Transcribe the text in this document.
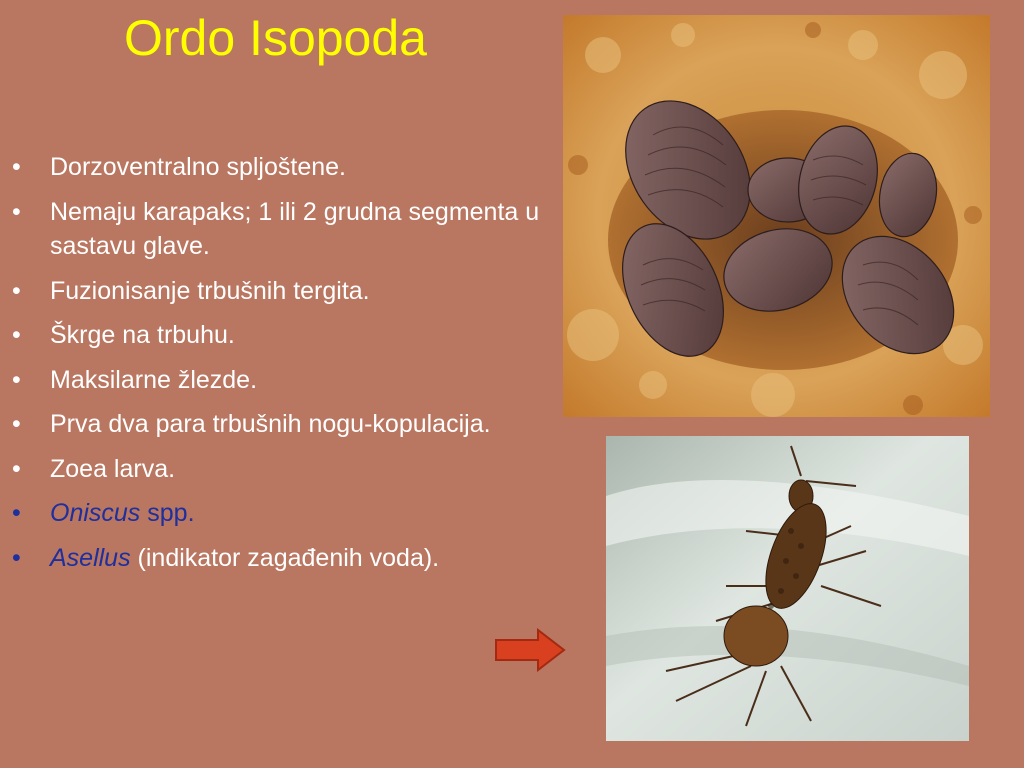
Ordo Isopoda
• Dorzoventralno spljoštene.
• Nemaju karapaks; 1 ili 2 grudna segmenta u sastavu glave.
• Fuzionisanje trbušnih tergita.
• Škrge na trbuhu.
• Maksilarne žlezde.
• Prva dva para trbušnih nogu-kopulacija.
• Zoea larva.
• Oniscus spp.
• Asellus (indikator zagađenih voda).
